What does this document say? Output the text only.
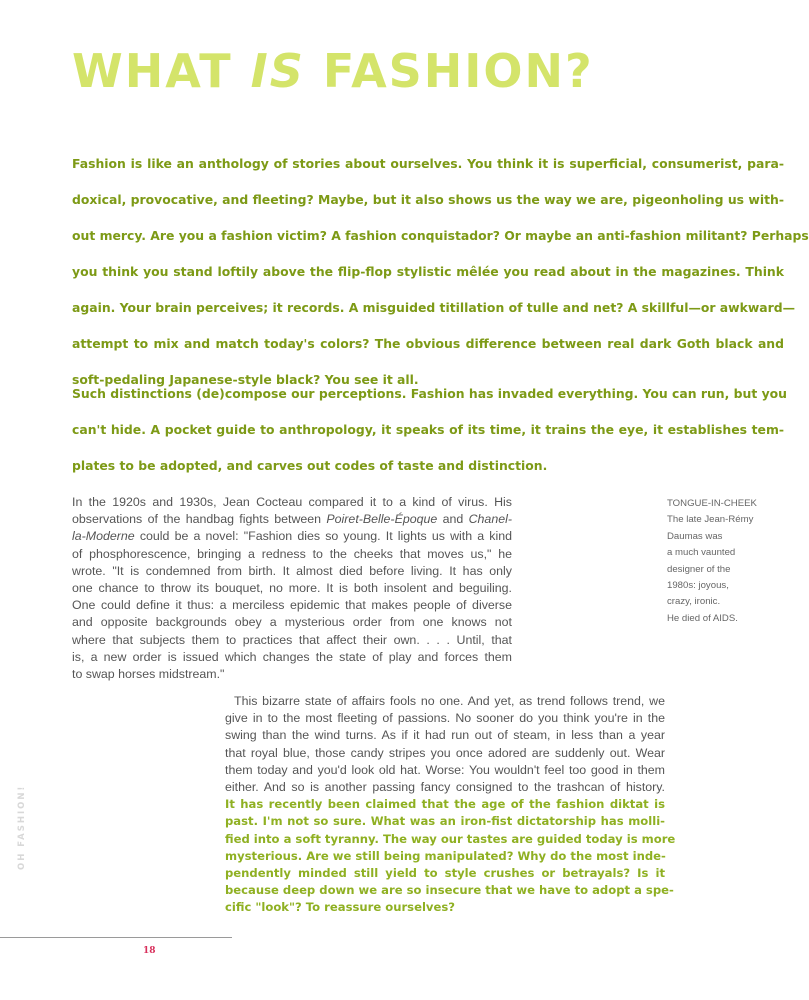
WHAT IS FASHION?
Fashion is like an anthology of stories about ourselves. You think it is superficial, consumerist, para-
doxical, provocative, and fleeting? Maybe, but it also shows us the way we are, pigeonholing us with-
out mercy. Are you a fashion victim? A fashion conquistador? Or maybe an anti-fashion militant? Perhaps
you think you stand loftily above the flip-flop stylistic mêlée you read about in the magazines. Think
again. Your brain perceives; it records. A misguided titillation of tulle and net? A skillful—or awkward—
attempt to mix and match today's colors? The obvious difference between real dark Goth black and
soft-pedaling Japanese-style black? You see it all.
Such distinctions (de)compose our perceptions. Fashion has invaded everything. You can run, but you
can't hide. A pocket guide to anthropology, it speaks of its time, it trains the eye, it establishes tem-
plates to be adopted, and carves out codes of taste and distinction.
In the 1920s and 1930s, Jean Cocteau compared it to a kind of virus. His
observations of the handbag fights between Poiret-Belle-Époque and Chanel-
la-Moderne could be a novel: "Fashion dies so young. It lights us with a kind
of phosphorescence, bringing a redness to the cheeks that moves us," he
wrote. "It is condemned from birth. It almost died before living. It has only
one chance to throw its bouquet, no more. It is both insolent and beguiling.
One could define it thus: a merciless epidemic that makes people of diverse
and opposite backgrounds obey a mysterious order from one knows not
where that subjects them to practices that affect their own. . . . Until, that
is, a new order is issued which changes the state of play and forces them
to swap horses midstream."
TONGUE-IN-CHEEK
The late Jean-Rémy
Daumas was
a much vaunted
designer of the
1980s: joyous,
crazy, ironic.
He died of AIDS.
This bizarre state of affairs fools no one. And yet, as trend follows trend, we
give in to the most fleeting of passions. No sooner do you think you're in the
swing than the wind turns. As if it had run out of steam, in less than a year
that royal blue, those candy stripes you once adored are suddenly out. Wear
them today and you'd look old hat. Worse: You wouldn't feel too good in them
either. And so is another passing fancy consigned to the trashcan of history.
It has recently been claimed that the age of the fashion diktat is
past. I'm not so sure. What was an iron-fist dictatorship has molli-
fied into a soft tyranny. The way our tastes are guided today is more
mysterious. Are we still being manipulated? Why do the most inde-
pendently minded still yield to style crushes or betrayals? Is it
because deep down we are so insecure that we have to adopt a spe-
cific "look"? To reassure ourselves?
OH FASHION!
18
